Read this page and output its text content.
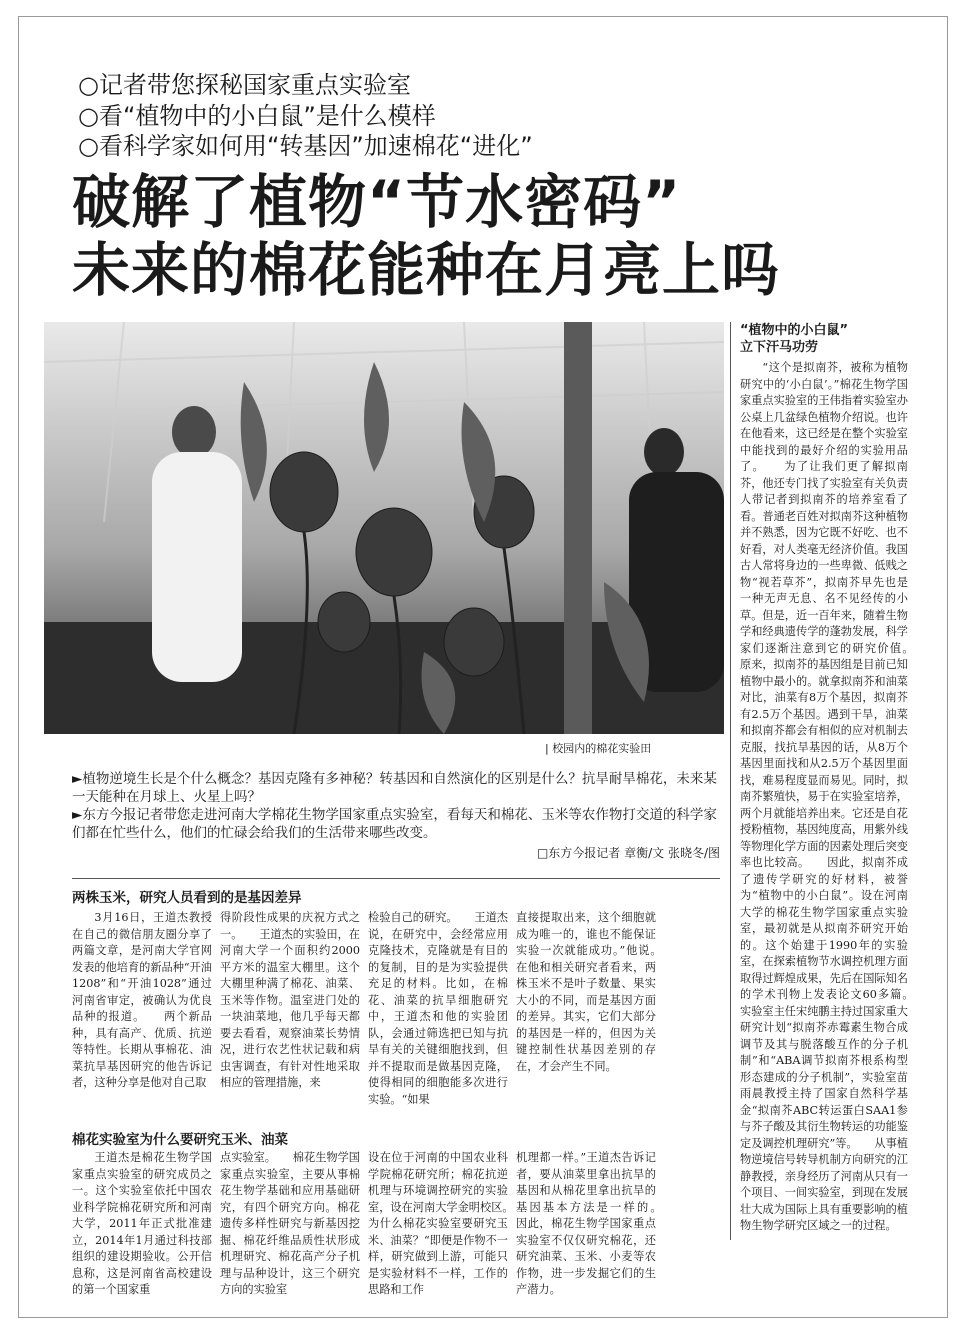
○记者带您探秘国家重点实验室
○看“植物中的小白鼠”是什么模样
○看科学家如何用“转基因”加速棉花“进化”
破解了植物“节水密码”
未来的棉花能种在月亮上吗
| 校园内的棉花实验田

►植物逆境生长是个什么概念？基因克隆有多神秘？转基因和自然演化的区别是什么？抗旱耐旱棉花，未来某一天能种在月球上、火星上吗？

►东方今报记者带您走进河南大学棉花生物学国家重点实验室，看每天和棉花、玉米等农作物打交道的科学家们都在忙些什么，他们的忙碌会给我们的生活带来哪些改变。

□东方今报记者 章衡/文 张晓冬/图
两株玉米，研究人员看到的是基因差异

3月16日，王道杰教授在自己的微信朋友圈分享了两篇文章，是河南大学官网发表的他培育的新品种“开油1208”和“开油1028”通过河南省审定，被确认为优良品种的报道。　　两个新品种，具有高产、优质、抗逆等特性。长期从事棉花、油菜抗旱基因研究的他告诉记者，这种分享是他对自己取

得阶段性成果的庆祝方式之一。　　王道杰的实验田，在河南大学一个面积约2000平方米的温室大棚里。这个大棚里种满了棉花、油菜、玉米等作物。温室进门处的一块油菜地，他几乎每天都要去看看，观察油菜长势情况，进行农艺性状记载和病虫害调查，有针对性地采取相应的管理措施，来

检验自己的研究。　　王道杰说，在研究中，会经常应用克隆技术，克隆就是有目的的复制，目的是为实验提供充足的材料。比如，在棉花、油菜的抗旱细胞研究中，王道杰和他的实验团队，会通过筛选把已知与抗旱有关的关键细胞找到，但并不提取而是做基因克隆，使得相同的细胞能多次进行实验。“如果

直接提取出来，这个细胞就成为唯一的，谁也不能保证实验一次就能成功。”他说。　　在他和相关研究者看来，两株玉米不是叶子数量、果实大小的不同，而是基因方面的差异。其实，它们大部分的基因是一样的，但因为关键控制性状基因差别的存在，才会产生不同。

棉花实验室为什么要研究玉米、油菜

王道杰是棉花生物学国家重点实验室的研究成员之一。这个实验室依托中国农业科学院棉花研究所和河南大学，2011年正式批准建立，2014年1月通过科技部组织的建设期验收。公开信息称，这是河南省高校建设的第一个国家重

点实验室。　　棉花生物学国家重点实验室，主要从事棉花生物学基础和应用基础研究，有四个研究方向。棉花遗传多样性研究与新基因挖掘、棉花纤维品质性状形成机理研究、棉花高产分子机理与品种设计，这三个研究方向的实验室

设在位于河南的中国农业科学院棉花研究所；棉花抗逆机理与环境调控研究的实验室，设在河南大学金明校区。　　为什么棉花实验室要研究玉米、油菜？“即便是作物不一样，研究做到上游，可能只是实验材料不一样，工作的思路和工作

机理都一样。”王道杰告诉记者，要从油菜里拿出抗旱的基因和从棉花里拿出抗旱的基因基本方法是一样的。　　因此，棉花生物学国家重点实验室不仅仅研究棉花，还研究油菜、玉米、小麦等农作物，进一步发掘它们的生产潜力。

“植物中的小白鼠”
立下汗马功劳

“这个是拟南芥，被称为植物研究中的‘小白鼠’。”棉花生物学国家重点实验室的王伟指着实验室办公桌上几盆绿色植物介绍说。也许在他看来，这已经是在整个实验室中能找到的最好介绍的实验用品了。　　为了让我们更了解拟南芥，他还专门找了实验室有关负责人带记者到拟南芥的培养室看了看。普通老百姓对拟南芥这种植物并不熟悉，因为它既不好吃、也不好看，对人类毫无经济价值。我国古人常将身边的一些卑微、低贱之物“视若草芥”，拟南芥早先也是一种无声无息、名不见经传的小草。但是，近一百年来，随着生物学和经典遗传学的蓬勃发展，科学家们逐渐注意到它的研究价值。　　原来，拟南芥的基因组是目前已知植物中最小的。就拿拟南芥和油菜对比，油菜有8万个基因，拟南芥有2.5万个基因。遇到干旱，油菜和拟南芥都会有相似的应对机制去克服，找抗旱基因的话，从8万个基因里面找和从2.5万个基因里面找，难易程度显而易见。同时，拟南芥繁殖快，易于在实验室培养，两个月就能培养出来。它还是自花授粉植物，基因纯度高，用紫外线等物理化学方面的因素处理后突变率也比较高。　　因此，拟南芥成了遗传学研究的好材料，被誉为“植物中的小白鼠”。设在河南大学的棉花生物学国家重点实验室，最初就是从拟南芥研究开始的。这个始建于1990年的实验室，在探索植物节水调控机理方面取得过辉煌成果，先后在国际知名的学术刊物上发表论文60多篇。　　实验室主任宋纯鹏主持过国家重大研究计划“拟南芥赤霉素生物合成调节及其与脱落酸互作的分子机制”和“ABA调节拟南芥根系构型形态建成的分子机制”，实验室苗雨晨教授主持了国家自然科学基金“拟南芥ABC转运蛋白SAA1参与芥子酸及其衍生物转运的功能鉴定及调控机理研究”等。　　从事植物逆境信号转导机制方向研究的江静教授，亲身经历了河南从只有一个项目、一间实验室，到现在发展壮大成为国际上具有重要影响的植物生物学研究区域之一的过程。
